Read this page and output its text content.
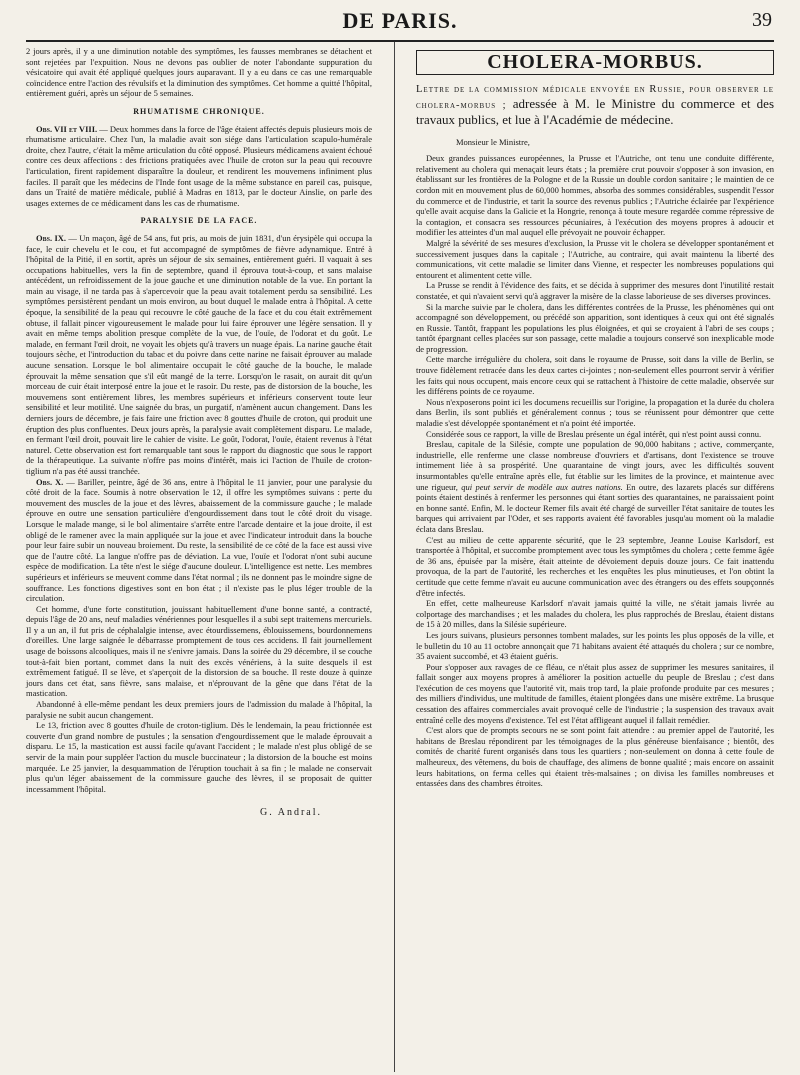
DE PARIS.	39

2 jours après, il y a une diminution notable des symptômes, les fausses membranes se détachent et sont rejetées par l'expuition. Nous ne devons pas oublier de noter l'abondante suppuration du vésicatoire qui avait été appliqué quelques jours auparavant. Il y a eu dans ce cas une remarquable coïncidence entre l'action des révulsifs et la diminution des symptômes. Cet homme a quitté l'hôpital, entièrement guéri, après un séjour de 5 semaines.

RHUMATISME CHRONIQUE.

Obs. VII et VIII. — Deux hommes dans la force de l'âge étaient affectés depuis plusieurs mois de rhumatisme articulaire. Chez l'un, la maladie avait son siége dans l'articulation scapulo-humérale droite, chez l'autre, c'était la même articulation du côté opposé. Plusieurs médicamens avaient échoué contre ces deux affections : des frictions pratiquées avec l'huile de croton sur la peau qui recouvre l'articulation, firent rapidement disparaître la douleur, et rendirent les mouvemens infiniment plus faciles. Il paraît que les médecins de l'Inde font usage de la même substance en pareil cas, puisque, dans un Traité de matière médicale, publié à Madras en 1813, par le docteur Ainslie, on parle des usages externes de ce médicament dans les cas de rhumatisme.

PARALYSIE DE LA FACE.

Obs. IX. — Un maçon, âgé de 54 ans, fut pris, au mois de juin 1831, d'un érysipèle qui occupa la face, le cuir chevelu et le cou, et fut accompagné de symptômes de fièvre adynamique. Entré à l'hôpital de la Pitié, il en sortit, après un séjour de six semaines, entièrement guéri. Il vaquait à ses occupations habituelles, vers la fin de septembre, quand il éprouva tout-à-coup, et sans malaise antécédent, un refroidissement de la joue gauche et une diminution notable de la vue. En portant la main au visage, il ne tarda pas à s'apercevoir que la peau avait totalement perdu sa sensibilité. Les symptômes persistèrent pendant un mois environ, au bout duquel le malade entra à l'hôpital. A cette époque, la sensibilité de la peau qui recouvre le côté gauche de la face et du cou était extrêmement obtuse, il fallait pincer vigoureusement le malade pour lui faire éprouver une légère sensation. Il y avait en même temps abolition presque complète de la vue, de l'ouïe, de l'odorat et du goût. Le malade, en fermant l'œil droit, ne voyait les objets qu'à travers un nuage épais. La narine gauche était toujours sèche, et l'introduction du tabac et du poivre dans cette narine ne faisait éprouver au malade aucune sensation. Lorsque le bol alimentaire occupait le côté gauche de la bouche, le malade éprouvait la même sensation que s'il eût mangé de la terre. Lorsqu'on le rasait, on aurait dit qu'un morceau de cuir était interposé entre la joue et le rasoir. Du reste, pas de distorsion de la bouche, les mouvemens sont entièrement libres, les membres supérieurs et inférieurs conservent toute leur sensibilité et leur motilité. Une saignée du bras, un purgatif, n'amènent aucun changement. Dans les derniers jours de décembre, je fais faire une friction avec 8 gouttes d'huile de croton, qui produit une éruption des plus confluentes. Deux jours après, la paralysie avait complètement disparu. Le malade, en fermant l'œil droit, pouvait lire le cahier de visite. Le goût, l'odorat, l'ouïe, étaient revenus à l'état naturel. Cette observation est fort remarquable tant sous le rapport du diagnostic que sous le rapport de la thérapeutique. La suivante n'offre pas moins d'intérêt, mais ici l'action de l'huile de croton-tiglium n'a pas été aussi tranchée.

Obs. X. — Bariller, peintre, âgé de 36 ans, entre à l'hôpital le 11 janvier, pour une paralysie du côté droit de la face. Soumis à notre observation le 12, il offre les symptômes suivans : perte du mouvement des muscles de la joue et des lèvres, abaissement de la commissure gauche ; le malade éprouve en outre une sensation particulière d'engourdissement dans tout le côté droit du visage. Lorsque le malade mange, si le bol alimentaire s'arrête entre l'arcade dentaire et la joue droite, il est obligé de le ramener avec la main appliquée sur la joue et avec l'indicateur introduit dans la bouche pour leur faire subir un nouveau broiement. Du reste, la sensibilité de ce côté de la face est aussi vive que de l'autre côté. La langue n'offre pas de déviation. La vue, l'ouïe et l'odorat n'ont subi aucune espèce de modification. La tête n'est le siége d'aucune douleur. L'intelligence est nette. Les membres supérieurs et inférieurs se meuvent comme dans l'état normal ; ils ne donnent pas le moindre signe de souffrance. Les fonctions digestives sont en bon état ; il n'existe pas le plus léger trouble de la circulation.

Cet homme, d'une forte constitution, jouissant habituellement d'une bonne santé, a contracté, depuis l'âge de 20 ans, neuf maladies vénériennes pour lesquelles il a subi sept traitemens mercuriels. Il y a un an, il fut pris de céphalalgie intense, avec étourdissemens, éblouissemens, bourdonnemens d'oreilles. Une large saignée le débarrasse promptement de tous ces accidens. Il fait journellement usage de boissons alcooliques, mais il ne s'enivre jamais. Dans la soirée du 29 décembre, il se couche tout-à-fait bien portant, commet dans la nuit des excès vénériens, à la suite desquels il est extrêmement fatigué. Il se lève, et s'aperçoit de la distorsion de sa bouche. Il reste douze à quinze jours dans cet état, sans fièvre, sans malaise, et n'éprouvant de la gêne que dans l'état de la mastication.

Abandonné à elle-même pendant les deux premiers jours de l'admission du malade à l'hôpital, la paralysie ne subit aucun changement.

Le 13, friction avec 8 gouttes d'huile de croton-tiglium. Dès le lendemain, la peau frictionnée est couverte d'un grand nombre de pustules ; la sensation d'engourdissement que le malade éprouvait a disparu. Le 15, la mastication est aussi facile qu'avant l'accident ; le malade n'est plus obligé de se servir de la main pour suppléer l'action du muscle buccinateur ; la distorsion de la bouche est moins marquée. Le 25 janvier, la desquammation de l'éruption touchait à sa fin ; le malade ne conservait plus qu'un léger abaissement de la commissure gauche des lèvres, il se proposait de quitter incessamment l'hôpital.

G. Andral.
CHOLERA-MORBUS.
Lettre de la commission médicale envoyée en Russie, pour observer le cholera-morbus ; adressée à M. le Ministre du commerce et des travaux publics, et lue à l'Académie de médecine.

Monsieur le Ministre,

Deux grandes puissances européennes, la Prusse et l'Autriche, ont tenu une conduite différente, relativement au cholera qui menaçait leurs états ; la première crut pouvoir s'opposer à son invasion, en établissant sur les frontières de la Pologne et de la Russie un double cordon sanitaire ; le maintien de ce cordon mit en mouvement plus de 60,000 hommes, absorba des sommes considérables, suspendit l'essor du commerce et de l'industrie, et tarit la source des revenus publics ; l'Autriche éclairée par l'expérience qu'elle avait acquise dans la Galicie et la Hongrie, renonça à toute mesure regardée comme répressive de la contagion, et consacra ses ressources pécuniaires, à l'exécution des moyens propres à adoucir et modifier les atteintes d'un mal auquel elle prévoyait ne pouvoir échapper.

Malgré la sévérité de ses mesures d'exclusion, la Prusse vit le cholera se développer spontanément et successivement jusques dans la capitale ; l'Autriche, au contraire, qui avait maintenu la liberté des communications, vit cette maladie se limiter dans Vienne, et respecter les nombreuses populations qui entourent et alimentent cette ville.

La Prusse se rendit à l'évidence des faits, et se décida à supprimer des mesures dont l'inutilité restait constatée, et qui n'avaient servi qu'à aggraver la misère de la classe laborieuse de ses diverses provinces.

Si la marche suivie par le cholera, dans les différentes contrées de la Prusse, les phénomènes qui ont accompagné son développement, ou précédé son apparition, sont identiques à ceux qui ont été signalés en Russie. Tantôt, frappant les populations les plus éloignées, et qui se croyaient à l'abri de ses coups ; tantôt épargnant celles placées sur son passage, cette maladie a toujours conservé son inexplicable mode de progression.

Cette marche irrégulière du cholera, soit dans le royaume de Prusse, soit dans la ville de Berlin, se trouve fidèlement retracée dans les deux cartes ci-jointes ; non-seulement elles pourront servir à vérifier les faits qui nous occupent, mais encore ceux qui se rattachent à l'histoire de cette maladie, observée sur les différens points de ce royaume.

Nous n'exposerons point ici les documens recueillis sur l'origine, la propagation et la durée du cholera dans Berlin, ils sont publiés et généralement connus ; tous se réunissent pour démontrer que cette maladie s'est développée spontanément et n'a point été importée.

Considérée sous ce rapport, la ville de Breslau présente un égal intérêt, qui n'est point aussi connu.

Breslau, capitale de la Silésie, compte une population de 90,000 habitans ; active, commerçante, industrielle, elle renferme une classe nombreuse d'ouvriers et d'artisans, dont l'existence se trouve intimement liée à sa prospérité. Une quarantaine de vingt jours, avec les difficultés souvent insurmontables qu'elle entraîne après elle, fut établie sur les limites de la province, et maintenue avec une rigueur, qui peut servir de modèle aux autres nations. En outre, des lazarets placés sur différens points étaient destinés à renfermer les personnes qui étant sorties des quarantaines, ne paraissaient point en bonne santé. Enfin, M. le docteur Remer fils avait été chargé de surveiller l'état sanitaire de toutes les barques qui arrivaient par l'Oder, et ses rapports avaient été favorables jusqu'au moment où la maladie éclata dans Breslau.

C'est au milieu de cette apparente sécurité, que le 23 septembre, Jeanne Louise Karlsdorf, est transportée à l'hôpital, et succombe promptement avec tous les symptômes du cholera ; cette femme âgée de 36 ans, épuisée par la misère, était atteinte de dévoiement depuis douze jours. Ce fait inattendu provoqua, de la part de l'autorité, les recherches et les enquêtes les plus minutieuses, et l'on obtint la certitude que cette femme n'avait eu aucune communication avec des étrangers ou des effets soupçonnés d'être infectés.

En effet, cette malheureuse Karlsdorf n'avait jamais quitté la ville, ne s'était jamais livrée au colportage des marchandises ; et les malades du cholera, les plus rapprochés de Breslau, étaient distans de 15 à 20 milles, dans la Silésie supérieure.

Les jours suivans, plusieurs personnes tombent malades, sur les points les plus opposés de la ville, et le bulletin du 10 au 11 octobre annonçait que 71 habitans avaient été attaqués du cholera ; sur ce nombre, 35 avaient succombé, et 43 étaient guéris.

Pour s'opposer aux ravages de ce fléau, ce n'était plus assez de supprimer les mesures sanitaires, il fallait songer aux moyens propres à améliorer la position actuelle du peuple de Breslau ; c'est dans l'exécution de ces moyens que l'autorité vit, mais trop tard, la plaie profonde produite par ces mesures ; des milliers d'individus, une multitude de familles, étaient plongées dans une misère extrême. La brusque cessation des affaires commerciales avait provoqué celle de l'industrie ; la suspension des travaux avait entraîné celle des moyens d'existence. Tel est l'état affligeant auquel il fallait remédier.

C'est alors que de prompts secours ne se sont point fait attendre : au premier appel de l'autorité, les habitans de Breslau répondirent par les témoignages de la plus généreuse bienfaisance ; bientôt, des comités de charité furent organisés dans tous les quartiers ; non-seulement on donna à cette foule de malheureux, des vêtemens, du bois de chauffage, des alimens de bonne qualité ; mais encore on assainit leurs habitations, on ferma celles qui étaient très-malsaines ; on divisa les familles nombreuses et entassées dans des chambres étroites.
